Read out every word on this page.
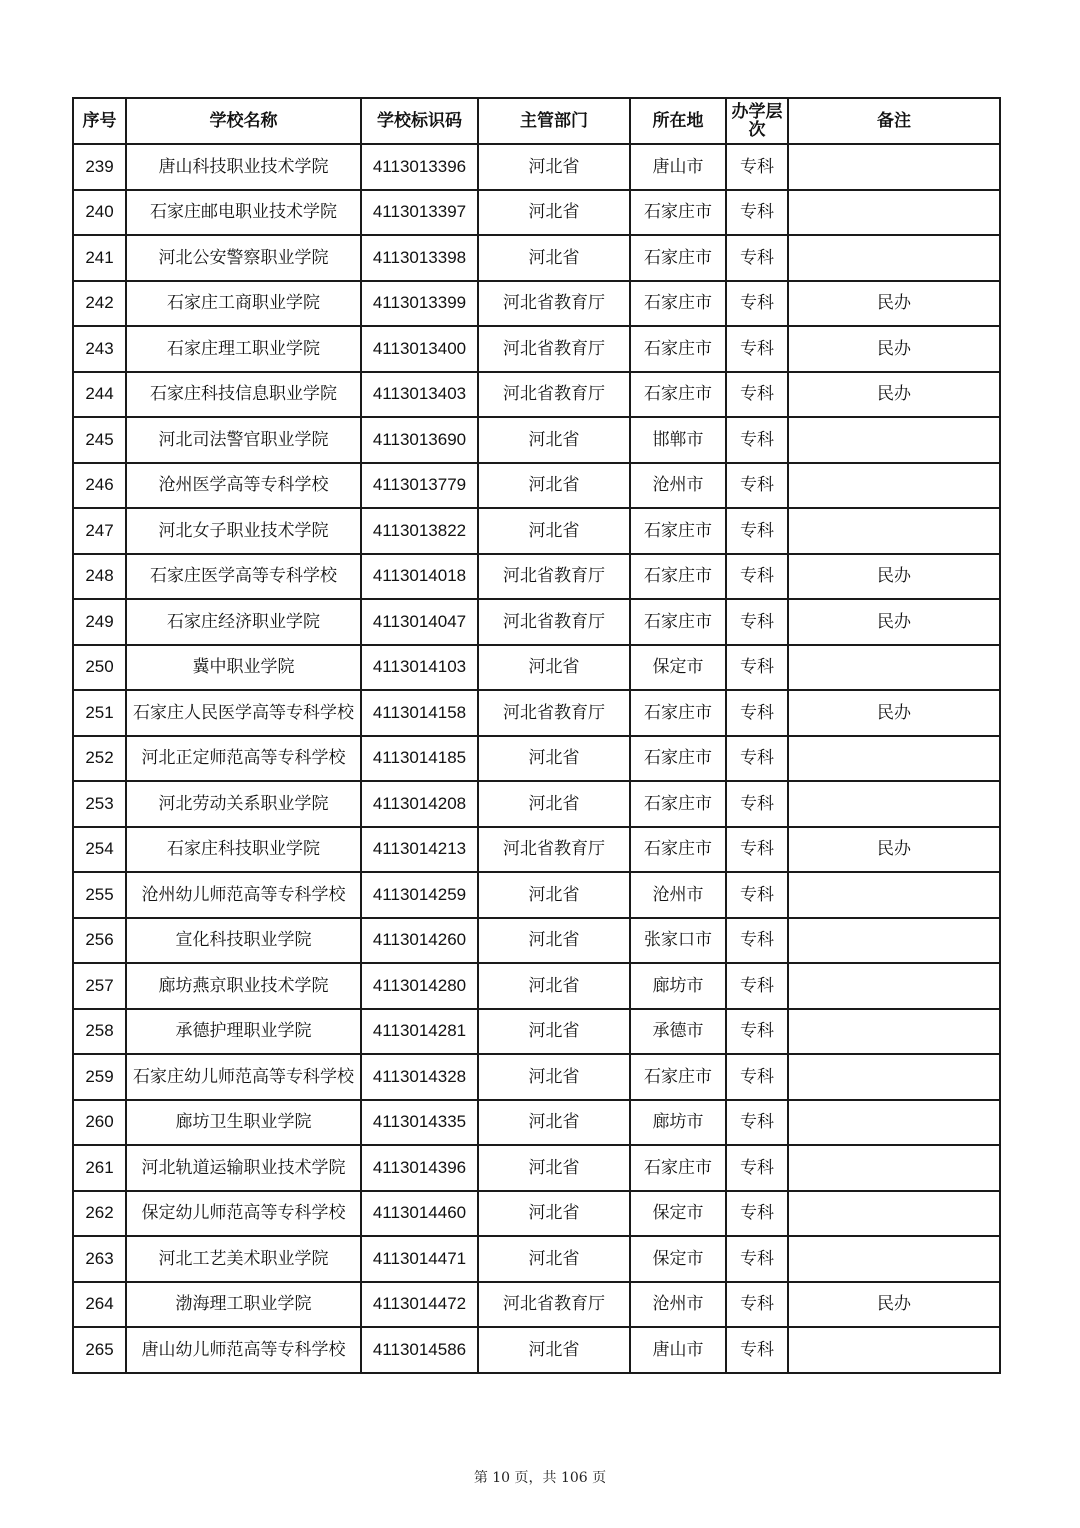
序号	学校名称	学校标识码	主管部门	所在地	办学层次	备注
239	唐山科技职业技术学院	4113013396	河北省	唐山市	专科	
240	石家庄邮电职业技术学院	4113013397	河北省	石家庄市	专科	
241	河北公安警察职业学院	4113013398	河北省	石家庄市	专科	
242	石家庄工商职业学院	4113013399	河北省教育厅	石家庄市	专科	民办
243	石家庄理工职业学院	4113013400	河北省教育厅	石家庄市	专科	民办
244	石家庄科技信息职业学院	4113013403	河北省教育厅	石家庄市	专科	民办
245	河北司法警官职业学院	4113013690	河北省	邯郸市	专科	
246	沧州医学高等专科学校	4113013779	河北省	沧州市	专科	
247	河北女子职业技术学院	4113013822	河北省	石家庄市	专科	
248	石家庄医学高等专科学校	4113014018	河北省教育厅	石家庄市	专科	民办
249	石家庄经济职业学院	4113014047	河北省教育厅	石家庄市	专科	民办
250	冀中职业学院	4113014103	河北省	保定市	专科	
251	石家庄人民医学高等专科学校	4113014158	河北省教育厅	石家庄市	专科	民办
252	河北正定师范高等专科学校	4113014185	河北省	石家庄市	专科	
253	河北劳动关系职业学院	4113014208	河北省	石家庄市	专科	
254	石家庄科技职业学院	4113014213	河北省教育厅	石家庄市	专科	民办
255	沧州幼儿师范高等专科学校	4113014259	河北省	沧州市	专科	
256	宣化科技职业学院	4113014260	河北省	张家口市	专科	
257	廊坊燕京职业技术学院	4113014280	河北省	廊坊市	专科	
258	承德护理职业学院	4113014281	河北省	承德市	专科	
259	石家庄幼儿师范高等专科学校	4113014328	河北省	石家庄市	专科	
260	廊坊卫生职业学院	4113014335	河北省	廊坊市	专科	
261	河北轨道运输职业技术学院	4113014396	河北省	石家庄市	专科	
262	保定幼儿师范高等专科学校	4113014460	河北省	保定市	专科	
263	河北工艺美术职业学院	4113014471	河北省	保定市	专科	
264	渤海理工职业学院	4113014472	河北省教育厅	沧州市	专科	民办
265	唐山幼儿师范高等专科学校	4113014586	河北省	唐山市	专科	
第 10 页，共 106 页
